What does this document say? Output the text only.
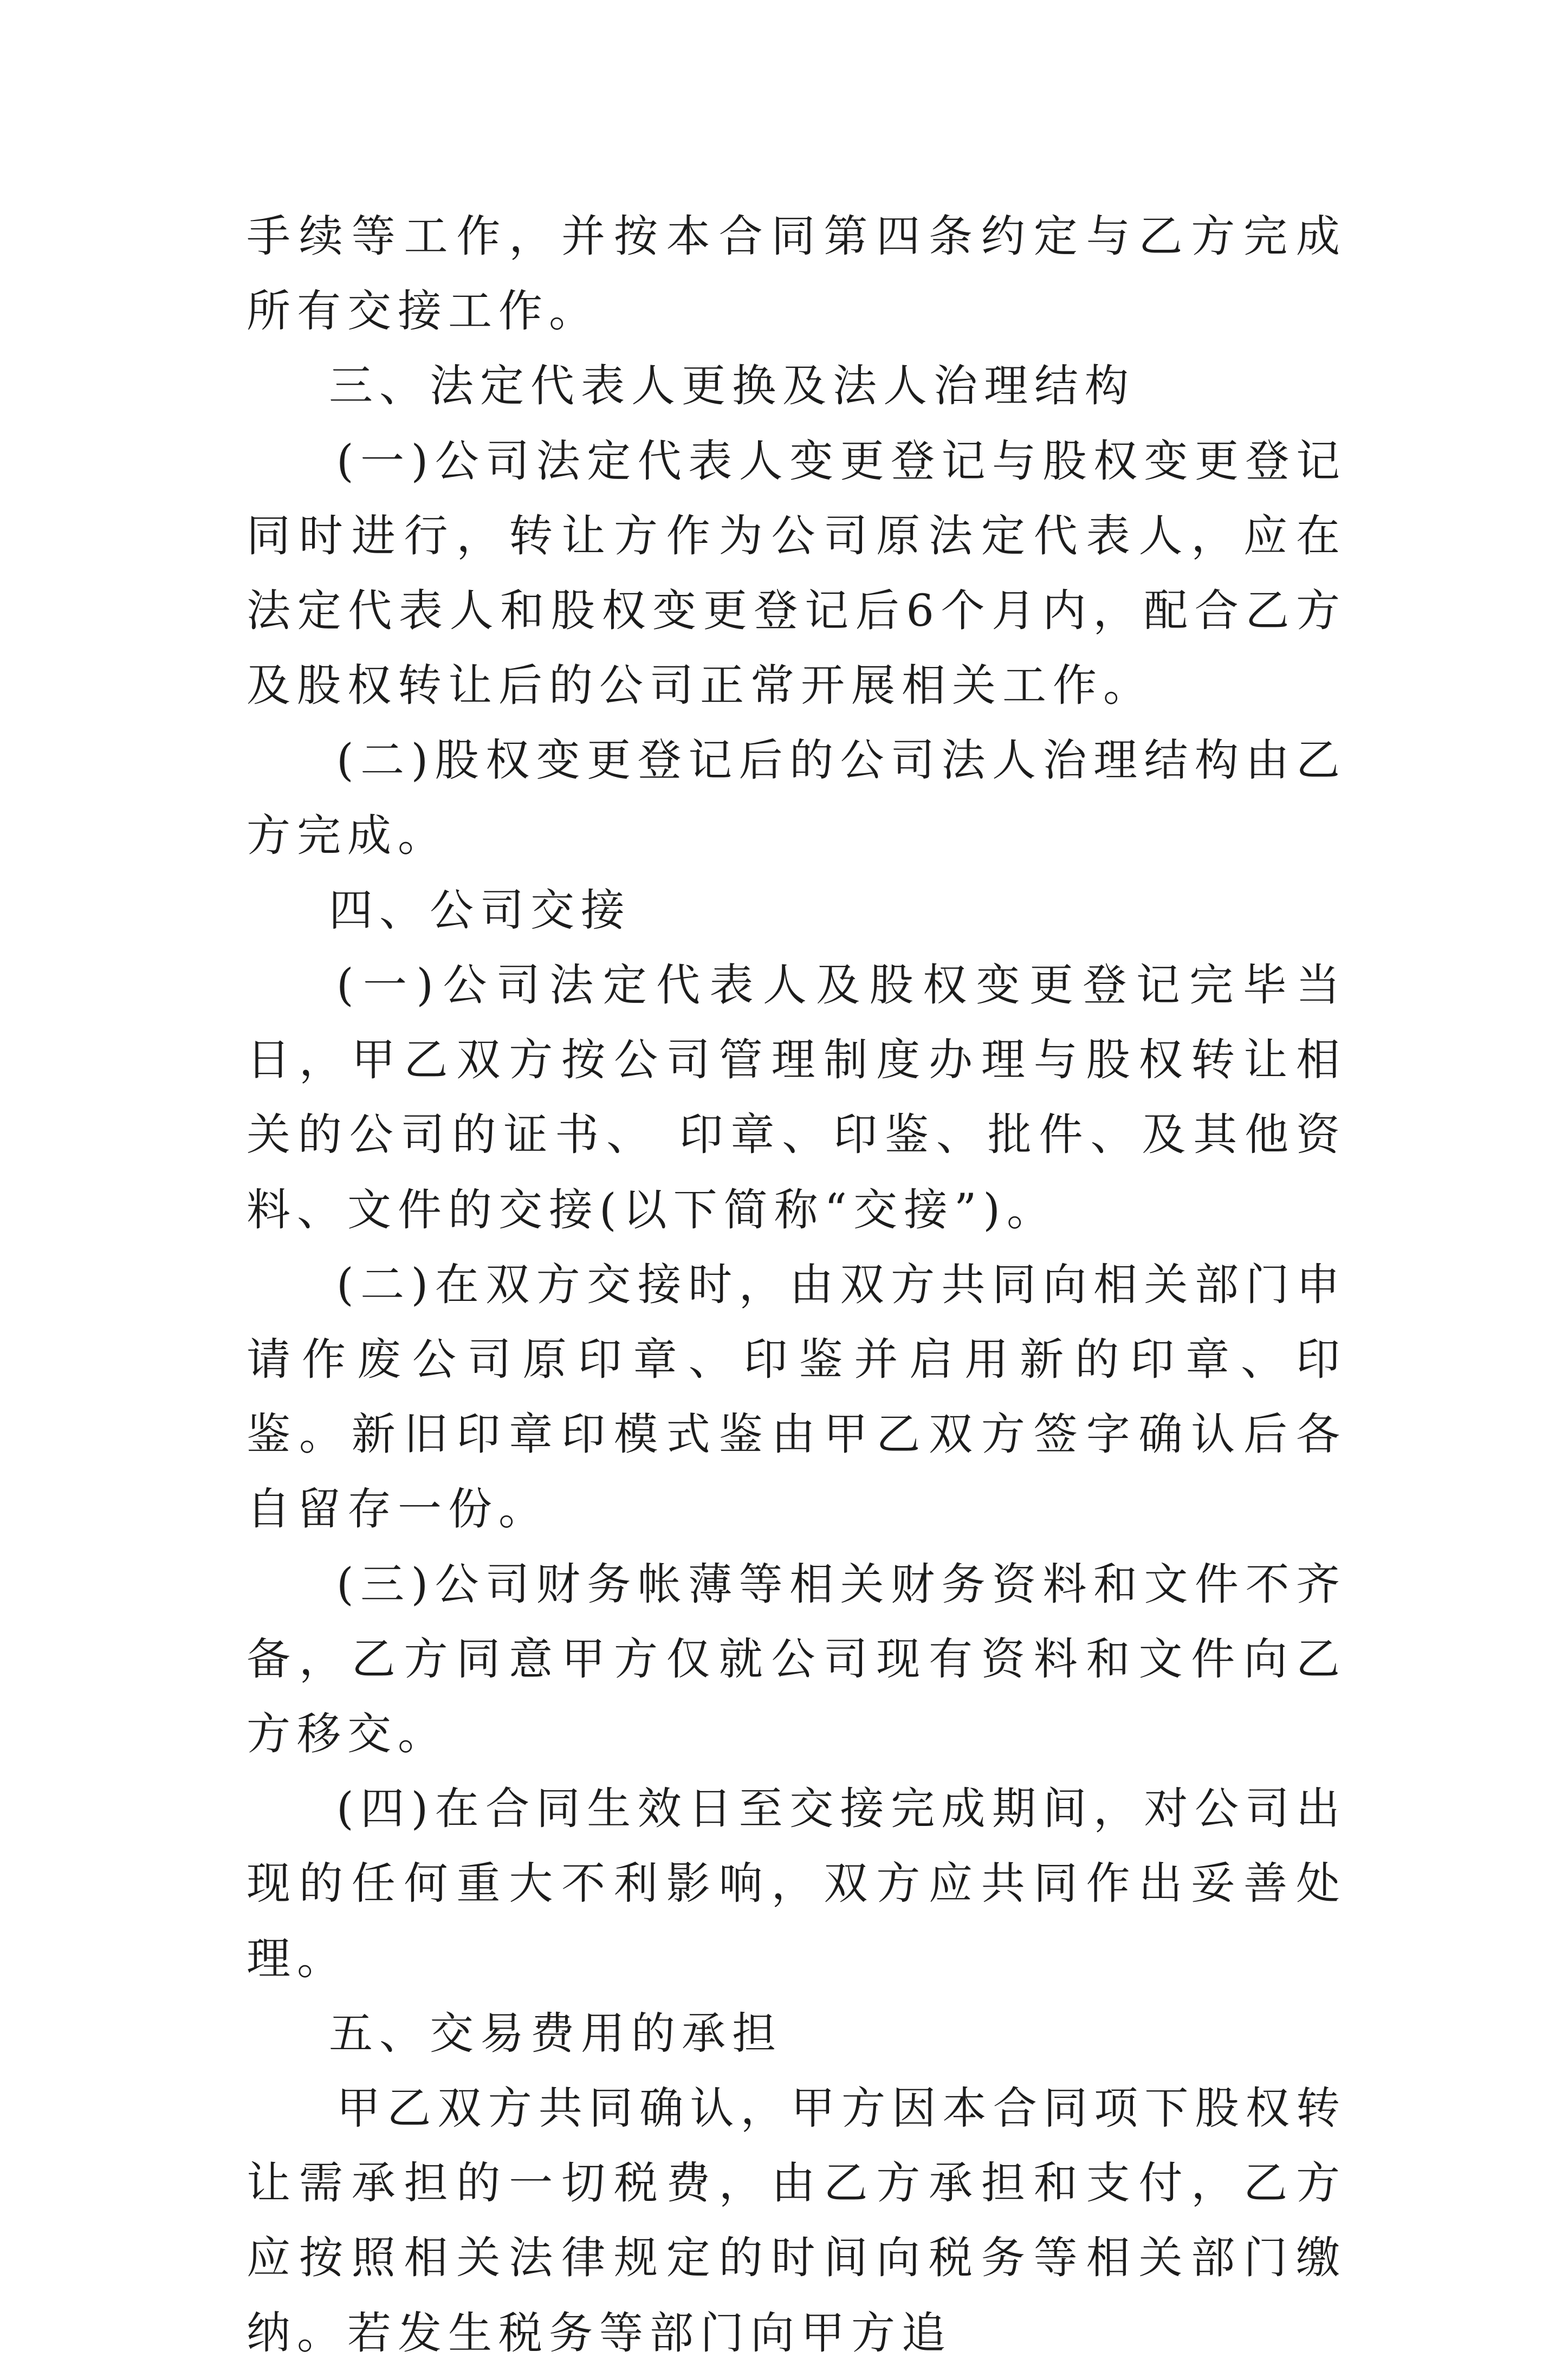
手续等工作，并按本合同第四条约定与乙方完成所有交接工作。

三、法定代表人更换及法人治理结构

(一)公司法定代表人变更登记与股权变更登记同时进行，转让方作为公司原法定代表人，应在法定代表人和股权变更登记后6个月内，配合乙方及股权转让后的公司正常开展相关工作。

(二)股权变更登记后的公司法人治理结构由乙方完成。

四、公司交接

(一)公司法定代表人及股权变更登记完毕当日，甲乙双方按公司管理制度办理与股权转让相关的公司的证书、 印章、印鉴、批件、及其他资料、文件的交接(以下简称“交接”)。

(二)在双方交接时，由双方共同向相关部门申请作废公司原印章、印鉴并启用新的印章、印鉴。新旧印章印模式鉴由甲乙双方签字确认后各自留存一份。

(三)公司财务帐薄等相关财务资料和文件不齐备，乙方同意甲方仅就公司现有资料和文件向乙方移交。

(四)在合同生效日至交接完成期间，对公司出现的任何重大不利影响，双方应共同作出妥善处理。

五、交易费用的承担

甲乙双方共同确认，甲方因本合同项下股权转让需承担的一切税费，由乙方承担和支付，乙方应按照相关法律规定的时间向税务等相关部门缴纳。若发生税务等部门向甲方追
